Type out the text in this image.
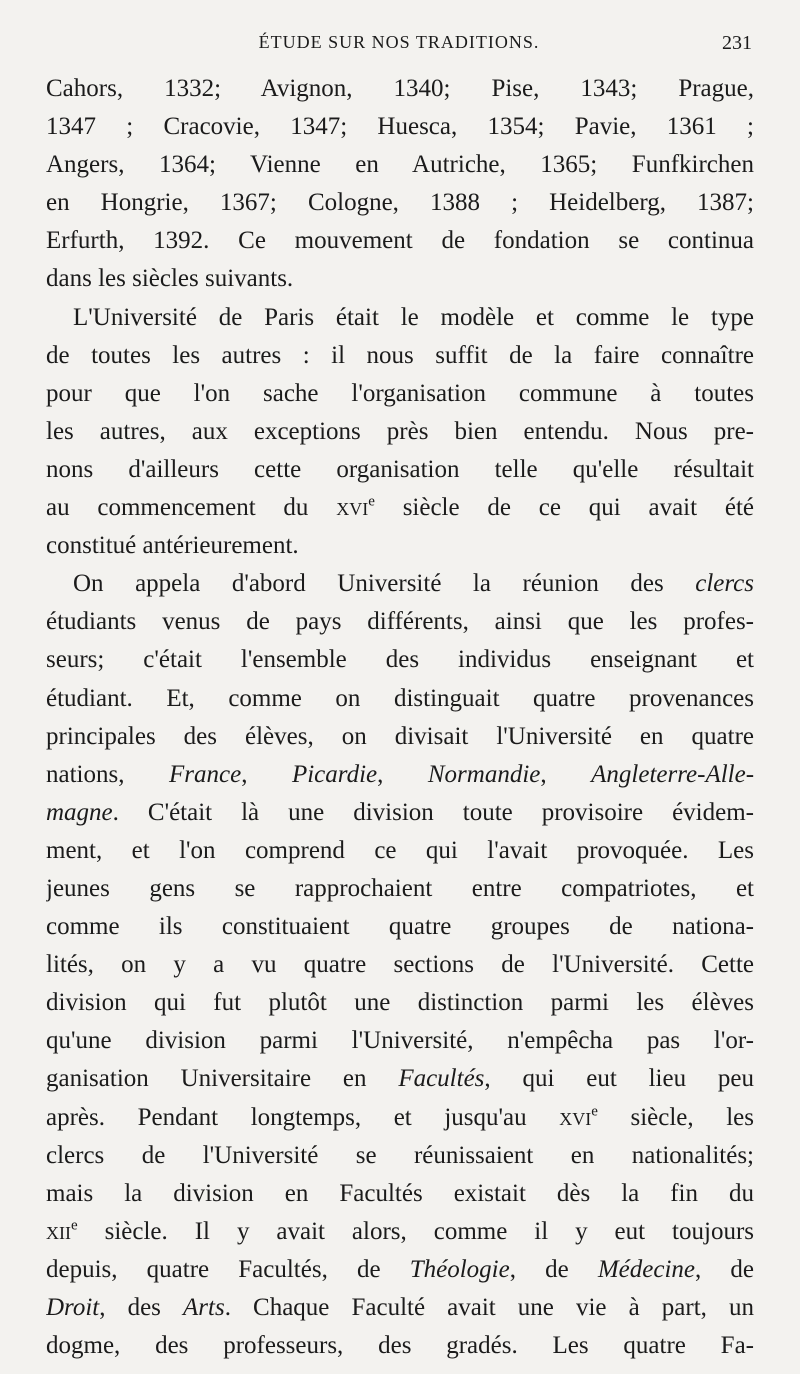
ÉTUDE SUR NOS TRADITIONS.	231
Cahors, 1332; Avignon, 1340; Pise, 1343; Prague,
1347 ; Cracovie, 1347; Huesca, 1354; Pavie, 1361 ;
Angers, 1364; Vienne en Autriche, 1365; Funfkirchen
en Hongrie, 1367; Cologne, 1388 ; Heidelberg, 1387;
Erfurth, 1392. Ce mouvement de fondation se continua
dans les siècles suivants.
L'Université de Paris était le modèle et comme le type
de toutes les autres : il nous suffit de la faire connaître
pour que l'on sache l'organisation commune à toutes
les autres, aux exceptions près bien entendu. Nous pre-
nons d'ailleurs cette organisation telle qu'elle résultait
au commencement du xvi$^e$ siècle de ce qui avait été
constitué antérieurement.
On appela d'abord Université la réunion des clercs
étudiants venus de pays différents, ainsi que les profes-
seurs; c'était l'ensemble des individus enseignant et
étudiant. Et, comme on distinguait quatre provenances
principales des élèves, on divisait l'Université en quatre
nations, France, Picardie, Normandie, Angleterre-Alle-
magne. C'était là une division toute provisoire évidem-
ment, et l'on comprend ce qui l'avait provoquée. Les
jeunes gens se rapprochaient entre compatriotes, et
comme ils constituaient quatre groupes de nationa-
lités, on y a vu quatre sections de l'Université. Cette
division qui fut plutôt une distinction parmi les élèves
qu'une division parmi l'Université, n'empêcha pas l'or-
ganisation Universitaire en Facultés, qui eut lieu peu
après. Pendant longtemps, et jusqu'au xvi$^e$ siècle, les
clercs de l'Université se réunissaient en nationalités;
mais la division en Facultés existait dès la fin du
xii$^e$ siècle. Il y avait alors, comme il y eut toujours
depuis, quatre Facultés, de Théologie, de Médecine, de
Droit, des Arts. Chaque Faculté avait une vie à part, un
dogme, des professeurs, des gradés. Les quatre Fa-
